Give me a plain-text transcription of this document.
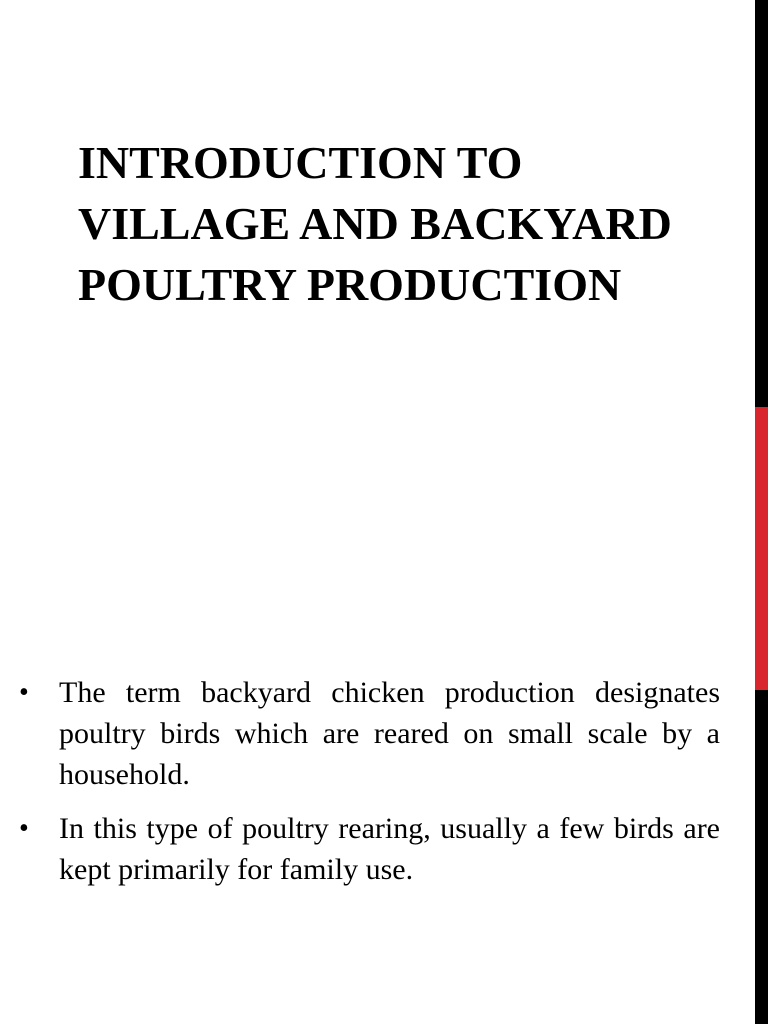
INTRODUCTION TO VILLAGE AND BACKYARD POULTRY PRODUCTION
• The term backyard chicken production designates poultry birds which are reared on small scale by a household.
• In this type of poultry rearing, usually a few birds are kept primarily for family use.
